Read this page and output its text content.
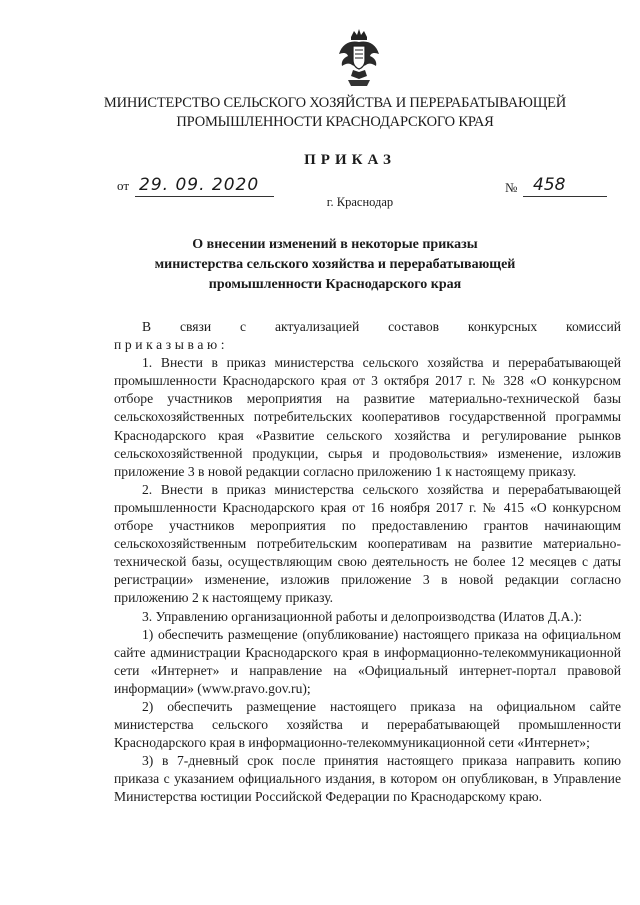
МИНИСТЕРСТВО СЕЛЬСКОГО ХОЗЯЙСТВА И ПЕРЕРАБАТЫВАЮЩЕЙ
ПРОМЫШЛЕННОСТИ КРАСНОДАРСКОГО КРАЯ
ПРИКАЗ
от 29. 09. 2020	№ 458
г. Краснодар
О внесении изменений в некоторые приказы
министерства сельского хозяйства и перерабатывающей
промышленности Краснодарского края

В связи с актуализацией составов конкурсных комиссий

приказываю:

1. Внести в приказ министерства сельского хозяйства и перерабатывающей промышленности Краснодарского края от 3 октября 2017 г. № 328 «О конкурсном отборе участников мероприятия на развитие материально-технической базы сельскохозяйственных потребительских кооперативов государственной программы Краснодарского края «Развитие сельского хозяйства и регулирование рынков сельскохозяйственной продукции, сырья и продовольствия» изменение, изложив приложение 3 в новой редакции согласно приложению 1 к настоящему приказу.

2. Внести в приказ министерства сельского хозяйства и перерабатывающей промышленности Краснодарского края от 16 ноября 2017 г. № 415 «О конкурсном отборе участников мероприятия по предоставлению грантов начинающим сельскохозяйственным потребительским кооперативам на развитие материально-технической базы, осуществляющим свою деятельность не более 12 месяцев с даты регистрации» изменение, изложив приложение 3 в новой редакции согласно приложению 2 к настоящему приказу.

3. Управлению организационной работы и делопроизводства (Илатов Д.А.):

1) обеспечить размещение (опубликование) настоящего приказа на официальном сайте администрации Краснодарского края в информационно-телекоммуникационной сети «Интернет» и направление на «Официальный интернет-портал правовой информации» (www.pravo.gov.ru);

2) обеспечить размещение настоящего приказа на официальном сайте министерства сельского хозяйства и перерабатывающей промышленности Краснодарского края в информационно-телекоммуникационной сети «Интернет»;

3) в 7-дневный срок после принятия настоящего приказа направить копию приказа с указанием официального издания, в котором он опубликован, в Управление Министерства юстиции Российской Федерации по Краснодарскому краю.
